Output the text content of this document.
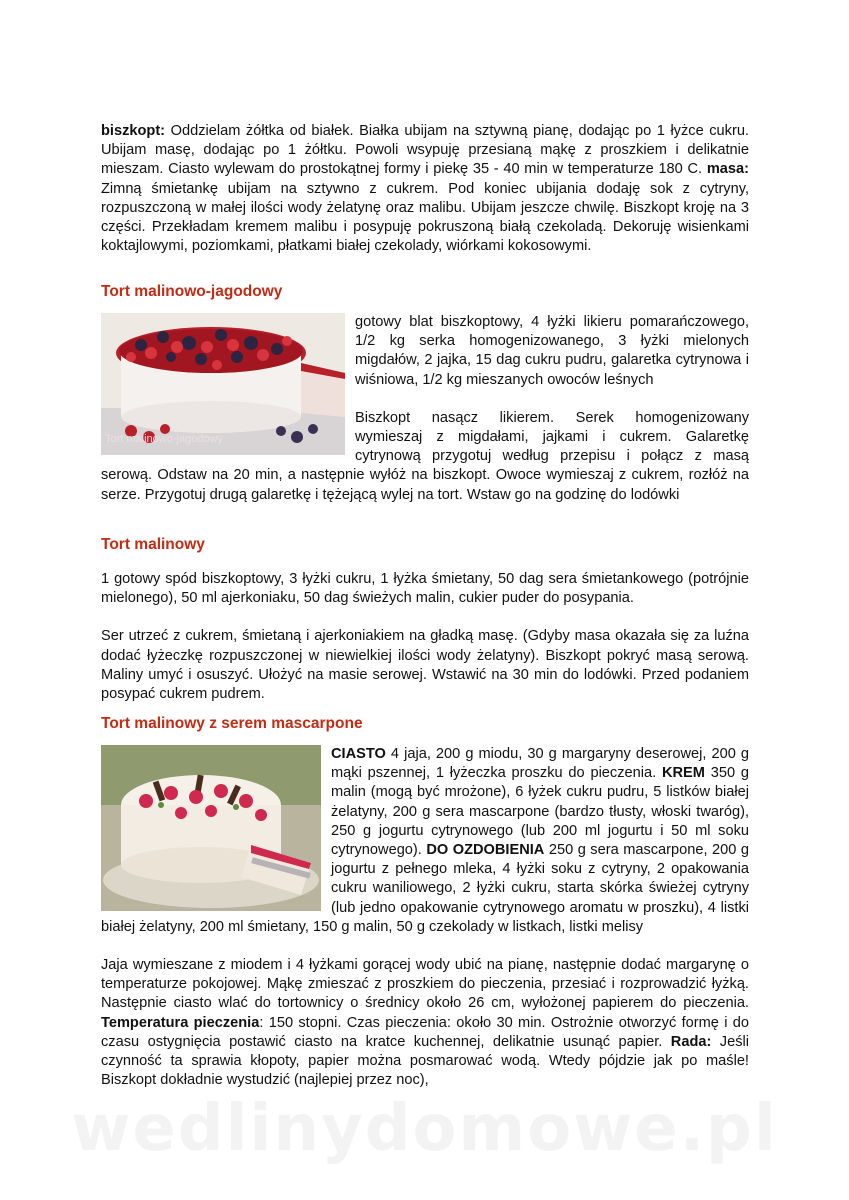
biszkopt: Oddzielam żółtka od białek. Białka ubijam na sztywną pianę, dodając po 1 łyżce cukru. Ubijam masę, dodając po 1 żółtku. Powoli wsypuję przesianą mąkę z proszkiem i delikatnie mieszam. Ciasto wylewam do prostokątnej formy i piekę 35 - 40 min w temperaturze 180 C. masa: Zimną śmietankę ubijam na sztywno z cukrem. Pod koniec ubijania dodaję sok z cytryny, rozpuszczoną w małej ilości wody żelatynę oraz malibu. Ubijam jeszcze chwilę. Biszkopt kroję na 3 części. Przekładam kremem malibu i posypuję pokruszoną białą czekoladą. Dekoruję wisienkami koktajlowymi, poziomkami, płatkami białej czekolady, wiórkami kokosowymi.

Tort malinowo-jagodowy
Tort malinowo-jagodowy

gotowy blat biszkoptowy, 4 łyżki likieru pomarańczowego, 1/2 kg serka homogenizowanego, 3 łyżki mielonych migdałów, 2 jajka, 15 dag cukru pudru, galaretka cytrynowa i wiśniowa, 1/2 kg mieszanych owoców leśnych

Biszkopt nasącz likierem. Serek homogenizowany wymieszaj z migdałami, jajkami i cukrem. Galaretkę cytrynową przygotuj według przepisu i połącz z masą serową. Odstaw na 20 min, a następnie wyłóż na biszkopt. Owoce wymieszaj z cukrem, rozłóż na serze. Przygotuj drugą galaretkę i tężejącą wylej na tort. Wstaw go na godzinę do lodówki

Tort malinowy

1 gotowy spód biszkoptowy, 3 łyżki cukru, 1 łyżka śmietany, 50 dag sera śmietankowego (potrójnie mielonego), 50 ml ajerkoniaku, 50 dag świeżych malin, cukier puder do posypania.

Ser utrzeć z cukrem, śmietaną i ajerkoniakiem na gładką masę. (Gdyby masa okazała się za luźna dodać łyżeczkę rozpuszczonej w niewielkiej ilości wody żelatyny). Biszkopt pokryć masą serową. Maliny umyć i osuszyć. Ułożyć na masie serowej. Wstawić na 30 min do lodówki. Przed podaniem posypać cukrem pudrem.

Tort malinowy z serem mascarpone

CIASTO 4 jaja, 200 g miodu, 30 g margaryny deserowej, 200 g mąki pszennej, 1 łyżeczka proszku do pieczenia. KREM 350 g malin (mogą być mrożone), 6 łyżek cukru pudru, 5 listków białej żelatyny, 200 g sera mascarpone (bardzo tłusty, włoski twaróg), 250 g jogurtu cytrynowego (lub 200 ml jogurtu i 50 ml soku cytrynowego). DO OZDOBIENIA 250 g sera mascarpone, 200 g jogurtu z pełnego mleka, 4 łyżki soku z cytryny, 2 opakowania cukru waniliowego, 2 łyżki cukru, starta skórka świeżej cytryny (lub jedno opakowanie cytrynowego aromatu w proszku), 4 listki białej żelatyny, 200 ml śmietany, 150 g malin, 50 g czekolady w listkach, listki melisy

Jaja wymieszane z miodem i 4 łyżkami gorącej wody ubić na pianę, następnie dodać margarynę o temperaturze pokojowej. Mąkę zmieszać z proszkiem do pieczenia, przesiać i rozprowadzić łyżką. Następnie ciasto wlać do tortownicy o średnicy około 26 cm, wyłożonej papierem do pieczenia. Temperatura pieczenia: 150 stopni. Czas pieczenia: około 30 min. Ostrożnie otworzyć formę i do czasu ostygnięcia postawić ciasto na kratce kuchennej, delikatnie usunąć papier. Rada: Jeśli czynność ta sprawia kłopoty, papier można posmarować wodą. Wtedy pójdzie jak po maśle! Biszkopt dokładnie wystudzić (najlepiej przez noc),

wedlinydomowe.pl
